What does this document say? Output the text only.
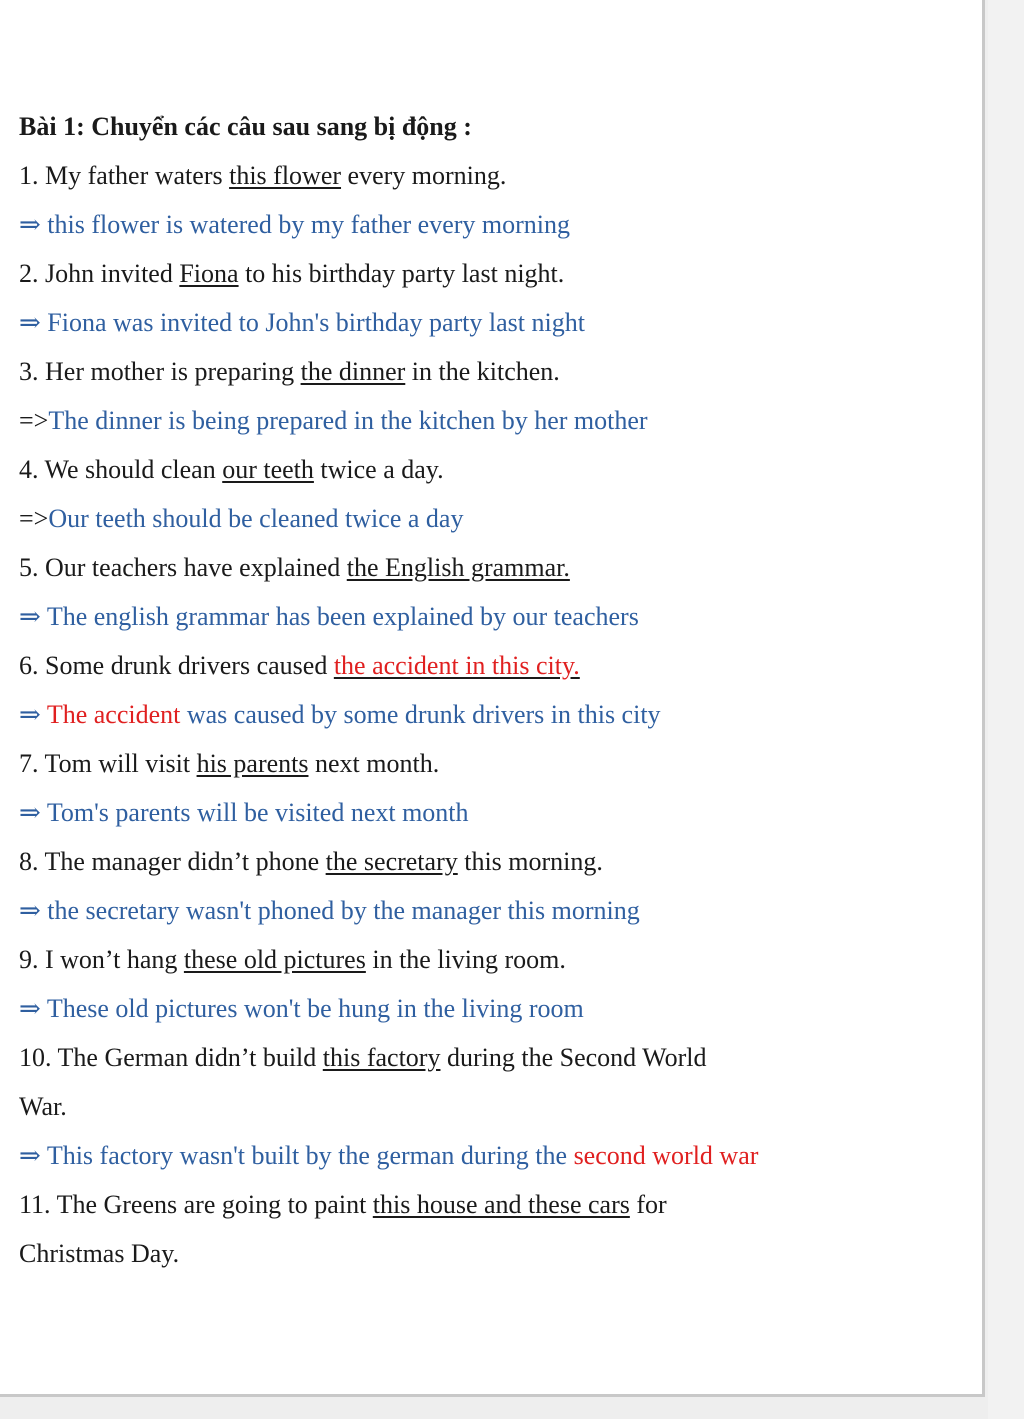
Bài 1: Chuyển các câu sau sang bị động :
1. My father waters this flower every morning.
⇒ this flower is watered by my father every morning
2. John invited Fiona to his birthday party last night.
⇒ Fiona was invited to John's birthday party last night
3. Her mother is preparing the dinner in the kitchen.
=>The dinner is being prepared in the kitchen by her mother
4. We should clean our teeth twice a day.
=>Our teeth should be cleaned twice a day
5. Our teachers have explained the English grammar.
⇒ The english grammar has been explained by our teachers
6. Some drunk drivers caused the accident in this city.
⇒ The accident was caused by some drunk drivers in this city
7. Tom will visit his parents next month.
⇒ Tom's parents will be visited next month
8. The manager didn’t phone the secretary this morning.
⇒ the secretary wasn't phoned by the manager this morning
9. I won’t hang these old pictures in the living room.
⇒ These old pictures won't be hung in the living room
10. The German didn’t build this factory during the Second World
War.
⇒ This factory wasn't built by the german during the second world war
11. The Greens are going to paint this house and these cars for
Christmas Day.
